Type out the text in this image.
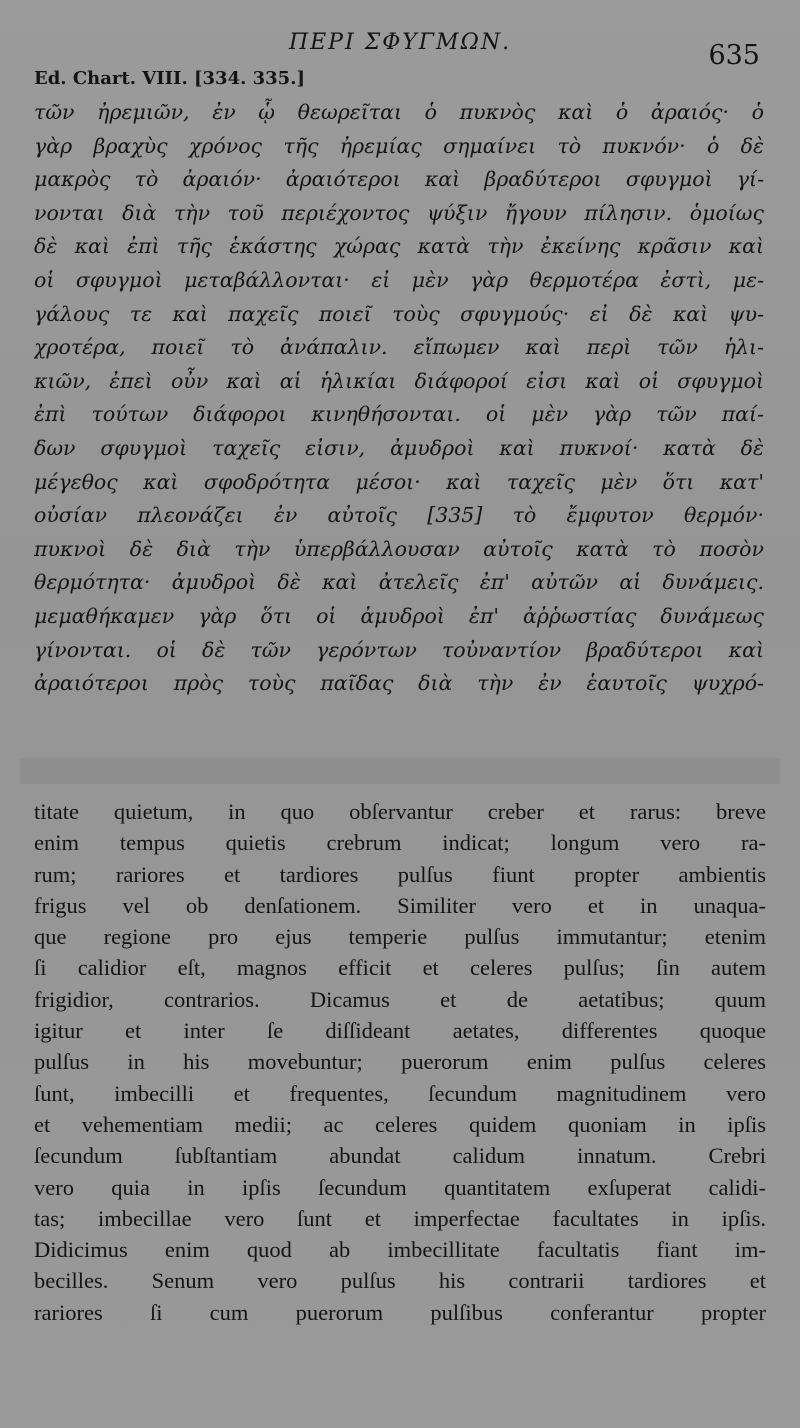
ΠΕΡΙ ΣΦΥΓΜΩΝ.	635
Ed. Chart. VIII. [334. 335.]
τῶν ἠρεμιῶν, ἐν ᾧ θεωρεῖται ὁ πυκνὸς καὶ ὁ ἀραιός· ὁ
γὰρ βραχὺς χρόνος τῆς ἠρεμίας σημαίνει τὸ πυκνόν· ὁ δὲ
μακρὸς τὸ ἀραιόν· ἀραιότεροι καὶ βραδύτεροι σφυγμοὶ γί-
νονται διὰ τὴν τοῦ περιέχοντος ψύξιν ἤγουν πίλησιν. ὁμοίως
δὲ καὶ ἐπὶ τῆς ἑκάστης χώρας κατὰ τὴν ἐκείνης κρᾶσιν καὶ
οἱ σφυγμοὶ μεταβάλλονται· εἰ μὲν γὰρ θερμοτέρα ἐστὶ, με-
γάλους τε καὶ παχεῖς ποιεῖ τοὺς σφυγμούς· εἰ δὲ καὶ ψυ-
χροτέρα, ποιεῖ τὸ ἀνάπαλιν. εἴπωμεν καὶ περὶ τῶν ἡλι-
κιῶν, ἐπεὶ οὖν καὶ αἱ ἡλικίαι διάφοροί εἰσι καὶ οἱ σφυγμοὶ
ἐπὶ τούτων διάφοροι κινηθήσονται. οἱ μὲν γὰρ τῶν παί-
δων σφυγμοὶ ταχεῖς εἰσιν, ἀμυδροὶ καὶ πυκνοί· κατὰ δὲ
μέγεθος καὶ σφοδρότητα μέσοι· καὶ ταχεῖς μὲν ὅτι κατ'
οὐσίαν πλεονάζει ἐν αὐτοῖς [335] τὸ ἔμφυτον θερμόν·
πυκνοὶ δὲ διὰ τὴν ὑπερβάλλουσαν αὐτοῖς κατὰ τὸ ποσὸν
θερμότητα· ἀμυδροὶ δὲ καὶ ἀτελεῖς ἐπ' αὐτῶν αἱ δυνάμεις.
μεμαθήκαμεν γὰρ ὅτι οἱ ἀμυδροὶ ἐπ' ἀῤῥωστίας δυνάμεως
γίνονται. οἱ δὲ τῶν γερόντων τοὐναντίον βραδύτεροι καὶ
ἀραιότεροι πρὸς τοὺς παῖδας διὰ τὴν ἐν ἑαυτοῖς ψυχρό-
titate quietum, in quo obſervantur creber et rarus: breve
enim tempus quietis crebrum indicat; longum vero ra-
rum; rariores et tardiores pulſus fiunt propter ambientis
frigus vel ob denſationem. Similiter vero et in unaqua-
que regione pro ejus temperie pulſus immutantur; etenim
ſi calidior eſt, magnos efficit et celeres pulſus; ſin autem
frigidior, contrarios. Dicamus et de aetatibus; quum
igitur et inter ſe diſſideant aetates, differentes quoque
pulſus in his movebuntur; puerorum enim pulſus celeres
ſunt, imbecilli et frequentes, ſecundum magnitudinem vero
et vehementiam medii; ac celeres quidem quoniam in ipſis
ſecundum ſubſtantiam abundat calidum innatum. Crebri
vero quia in ipſis ſecundum quantitatem exſuperat calidi-
tas; imbecillae vero ſunt et imperfectae facultates in ipſis.
Didicimus enim quod ab imbecillitate facultatis fiant im-
becilles. Senum vero pulſus his contrarii tardiores et
rariores ſi cum puerorum pulſibus conferantur propter
